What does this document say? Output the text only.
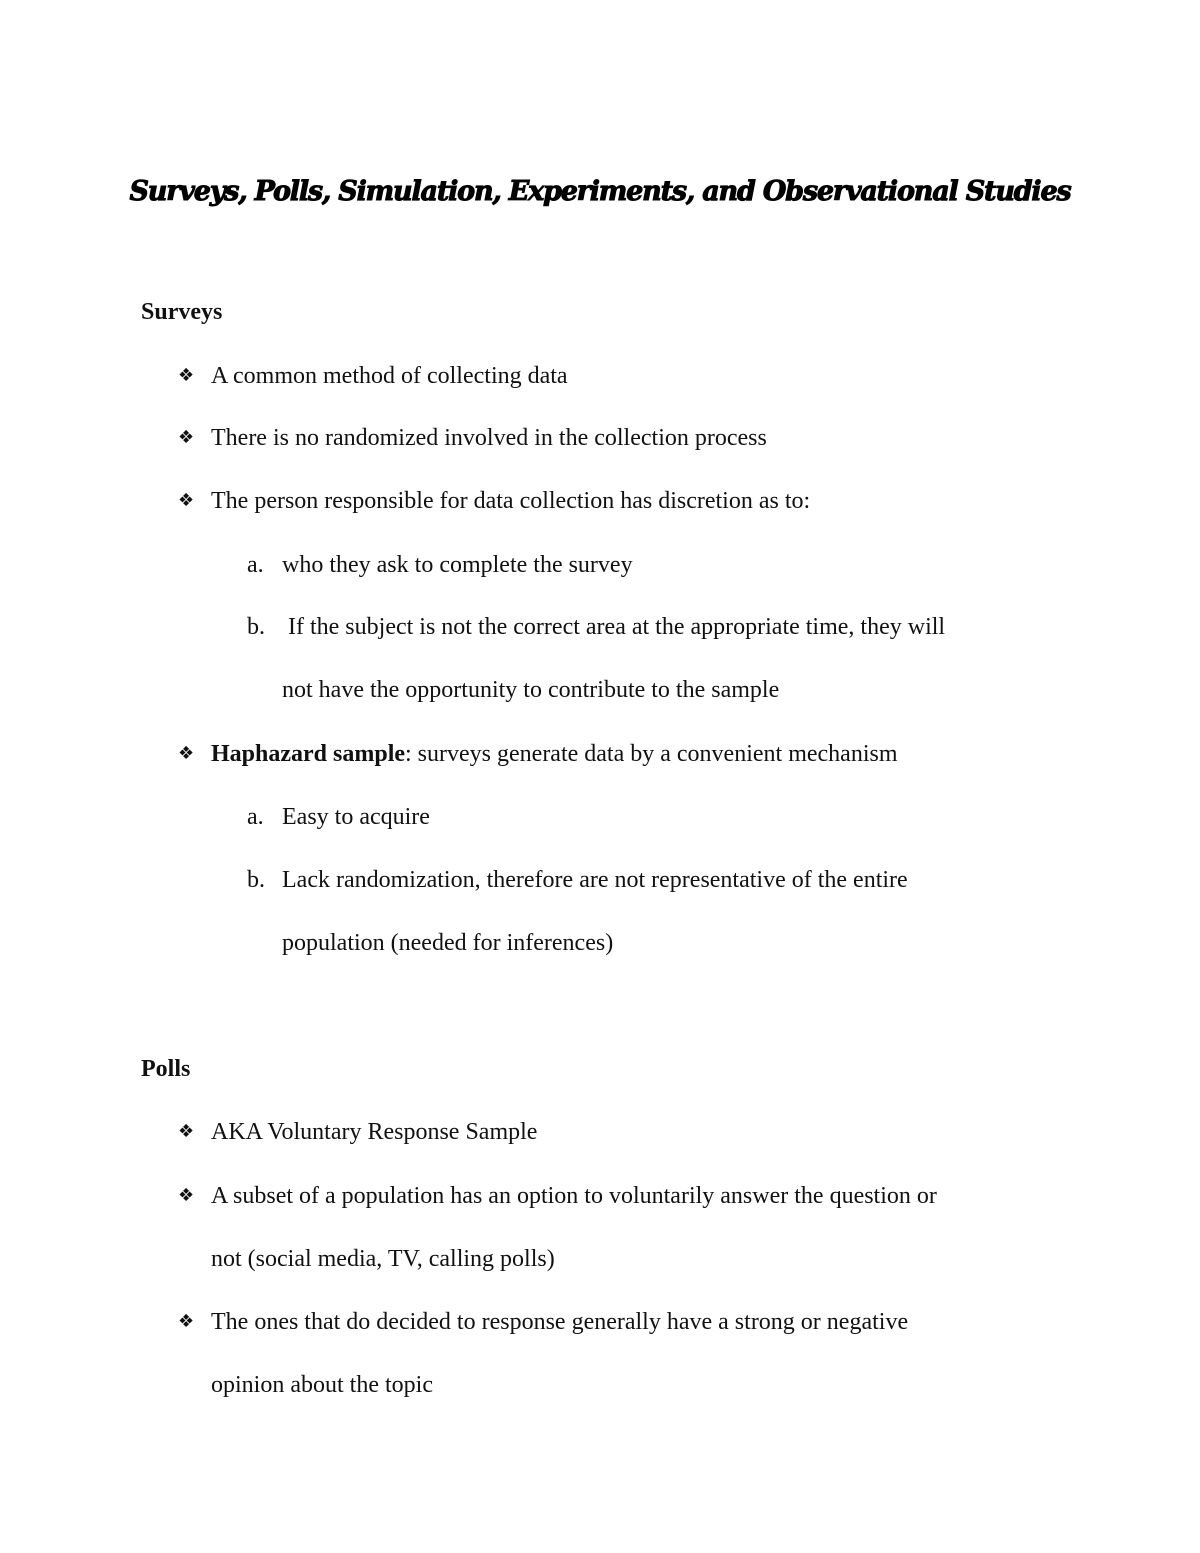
Surveys, Polls, Simulation, Experiments, and Observational Studies
Surveys
❖ A common method of collecting data
❖ There is no randomized involved in the collection process
❖ The person responsible for data collection has discretion as to:
a. who they ask to complete the survey
b. If the subject is not the correct area at the appropriate time, they will
not have the opportunity to contribute to the sample
❖ Haphazard sample: surveys generate data by a convenient mechanism
a. Easy to acquire
b. Lack randomization, therefore are not representative of the entire
population (needed for inferences)
Polls
❖ AKA Voluntary Response Sample
❖ A subset of a population has an option to voluntarily answer the question or
not (social media, TV, calling polls)
❖ The ones that do decided to response generally have a strong or negative
opinion about the topic
